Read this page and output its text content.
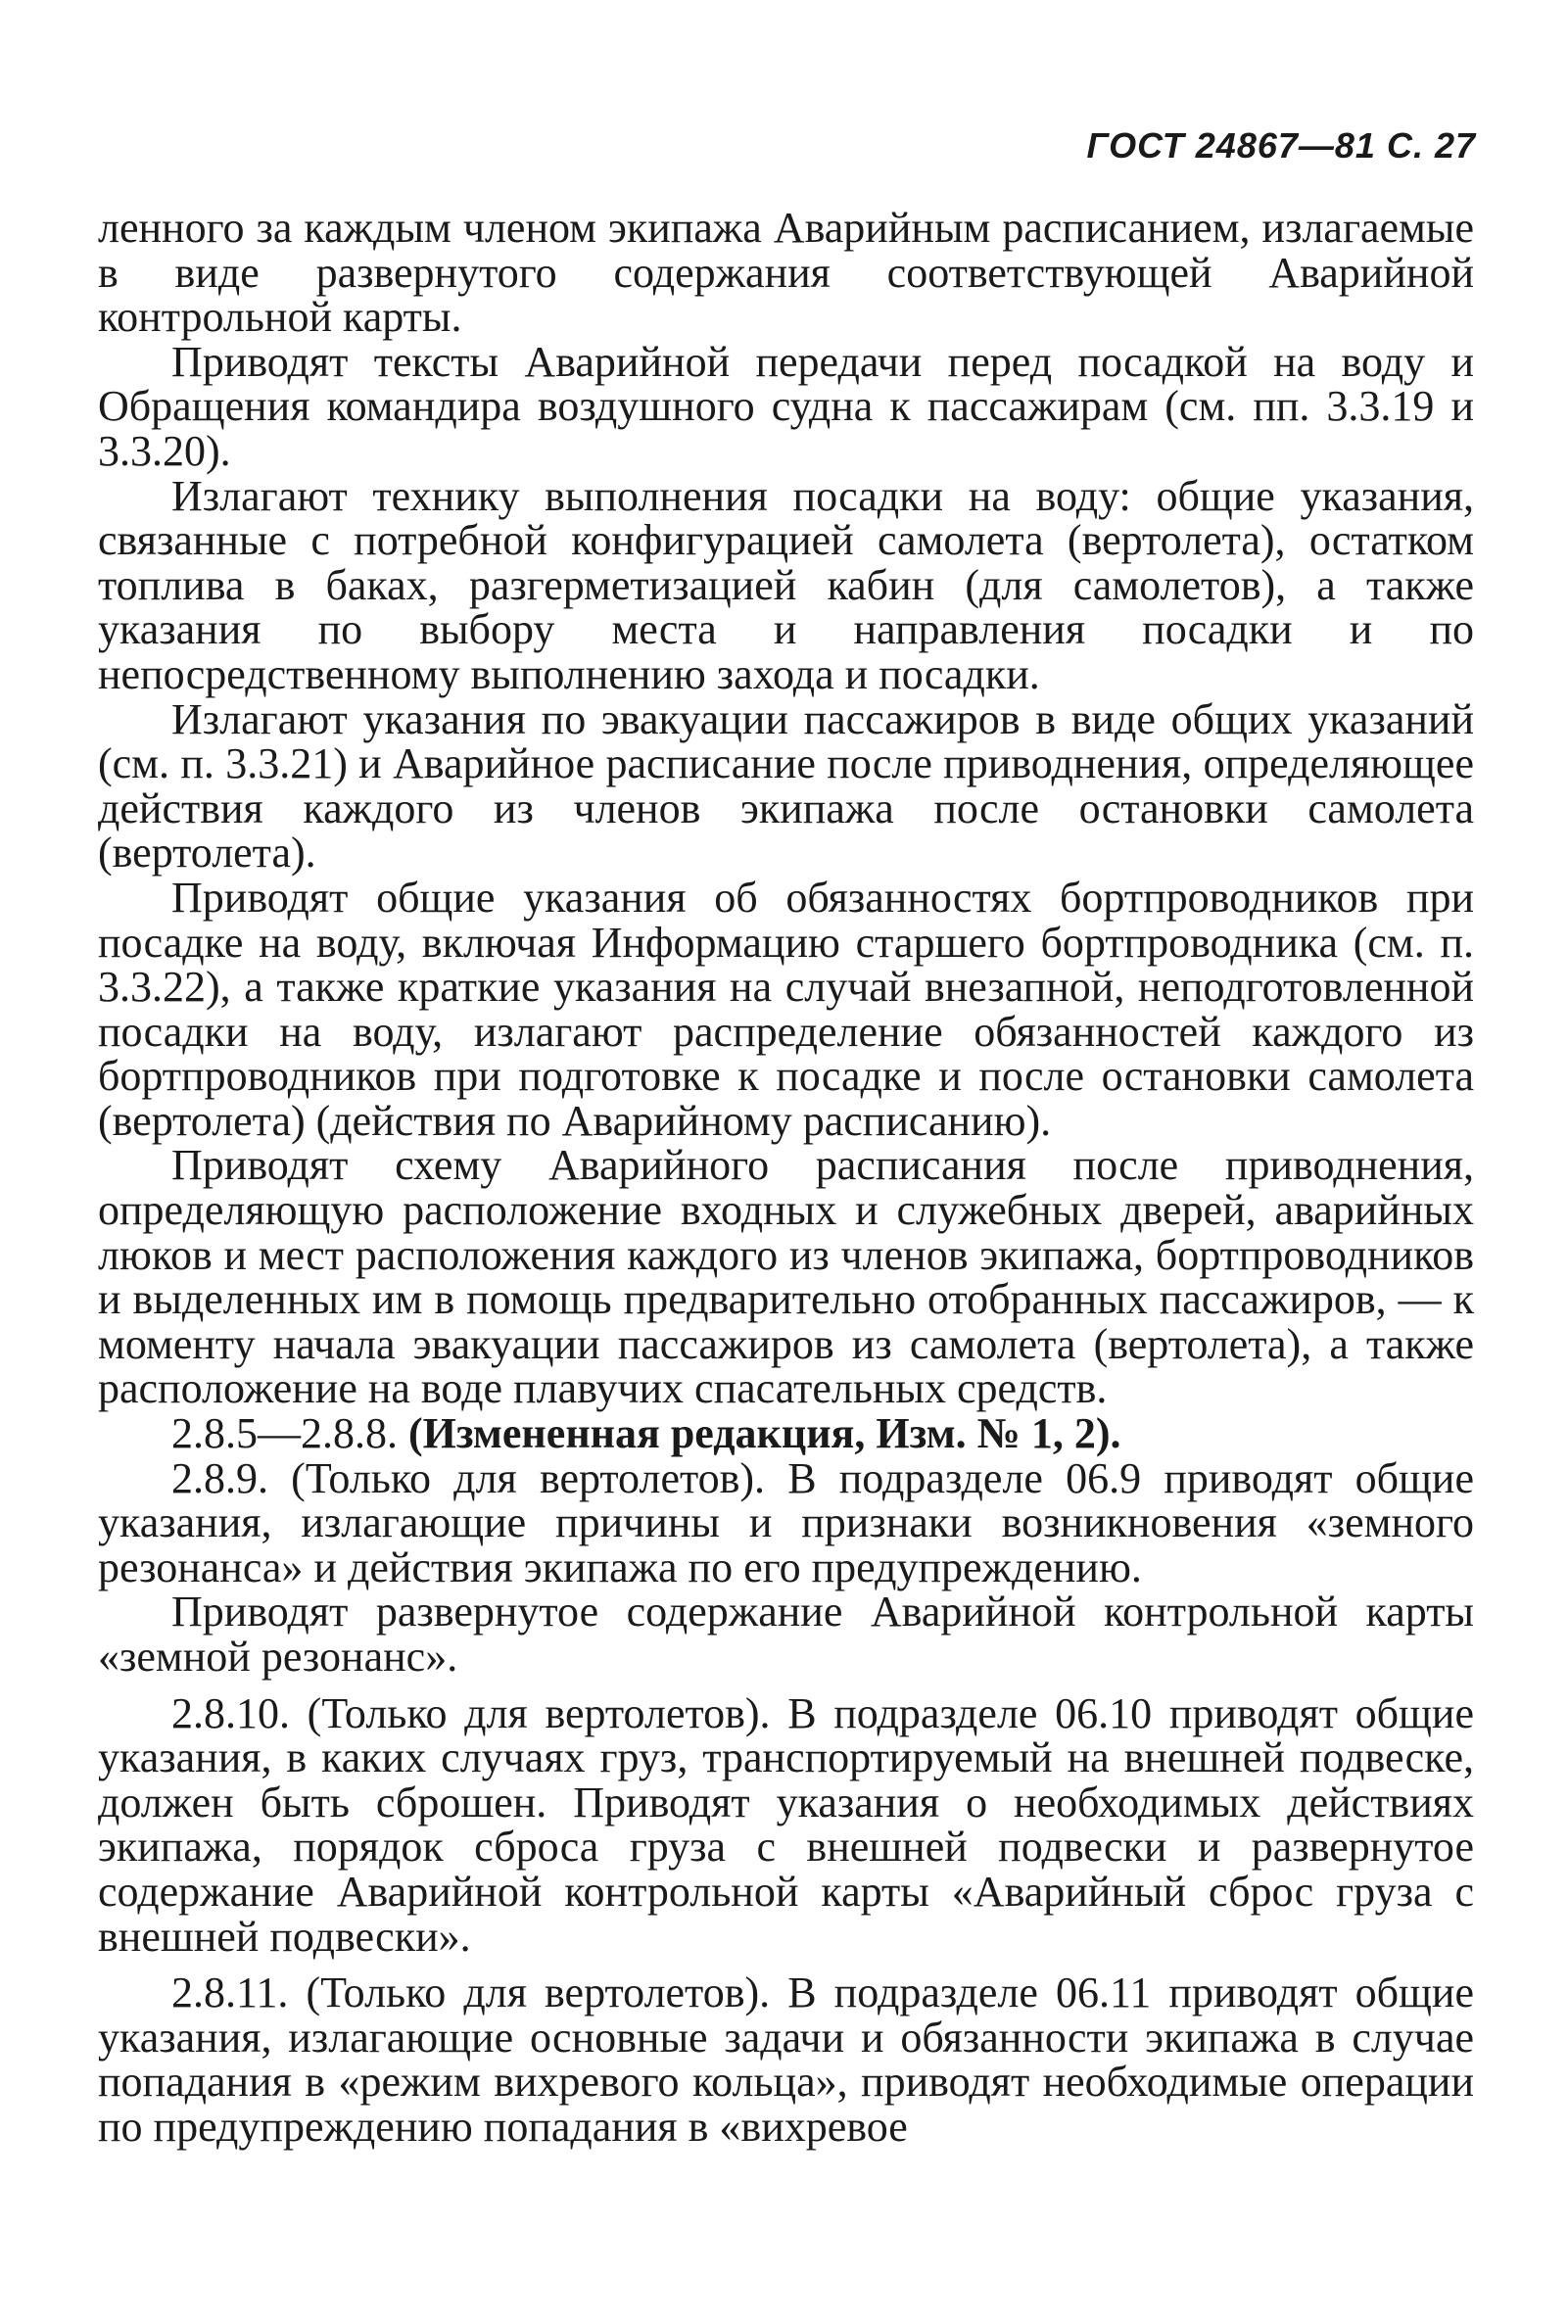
ГОСТ 24867—81 С. 27

ленного за каждым членом экипажа Аварийным расписанием, излагаемые в виде развернутого содержания соответствующей Аварийной контрольной карты.

Приводят тексты Аварийной передачи перед посадкой на воду и Обращения командира воздушного судна к пассажирам (см. пп. 3.3.19 и 3.3.20).

Излагают технику выполнения посадки на воду: общие указания, связанные с потребной конфигурацией самолета (вертолета), остатком топлива в баках, разгерметизацией кабин (для самолетов), а также указания по выбору места и направления посадки и по непосредственному выполнению захода и посадки.

Излагают указания по эвакуации пассажиров в виде общих указаний (см. п. 3.3.21) и Аварийное расписание после приводнения, определяющее действия каждого из членов экипажа после остановки самолета (вертолета).

Приводят общие указания об обязанностях бортпроводников при посадке на воду, включая Информацию старшего бортпроводника (см. п. 3.3.22), а также краткие указания на случай внезапной, неподготовленной посадки на воду, излагают распределение обязанностей каждого из бортпроводников при подготовке к посадке и после остановки самолета (вертолета) (действия по Аварийному расписанию).

Приводят схему Аварийного расписания после приводнения, определяющую расположение входных и служебных дверей, аварийных люков и мест расположения каждого из членов экипажа, бортпроводников и выделенных им в помощь предварительно отобранных пассажиров, — к моменту начала эвакуации пассажиров из самолета (вертолета), а также расположение на воде плавучих спасательных средств.

2.8.5—2.8.8. (Измененная редакция, Изм. № 1, 2).

2.8.9. (Только для вертолетов). В подразделе 06.9 приводят общие указания, излагающие причины и признаки возникновения «земного резонанса» и действия экипажа по его предупреждению.

Приводят развернутое содержание Аварийной контрольной карты «земной резонанс».

2.8.10. (Только для вертолетов). В подразделе 06.10 приводят общие указания, в каких случаях груз, транспортируемый на внешней подвеске, должен быть сброшен. Приводят указания о необходимых действиях экипажа, порядок сброса груза с внешней подвески и развернутое содержание Аварийной контрольной карты «Аварийный сброс груза с внешней подвески».

2.8.11. (Только для вертолетов). В подразделе 06.11 приводят общие указания, излагающие основные задачи и обязанности экипажа в случае попадания в «режим вихревого кольца», приводят необходимые операции по предупреждению попадания в «вихревое
